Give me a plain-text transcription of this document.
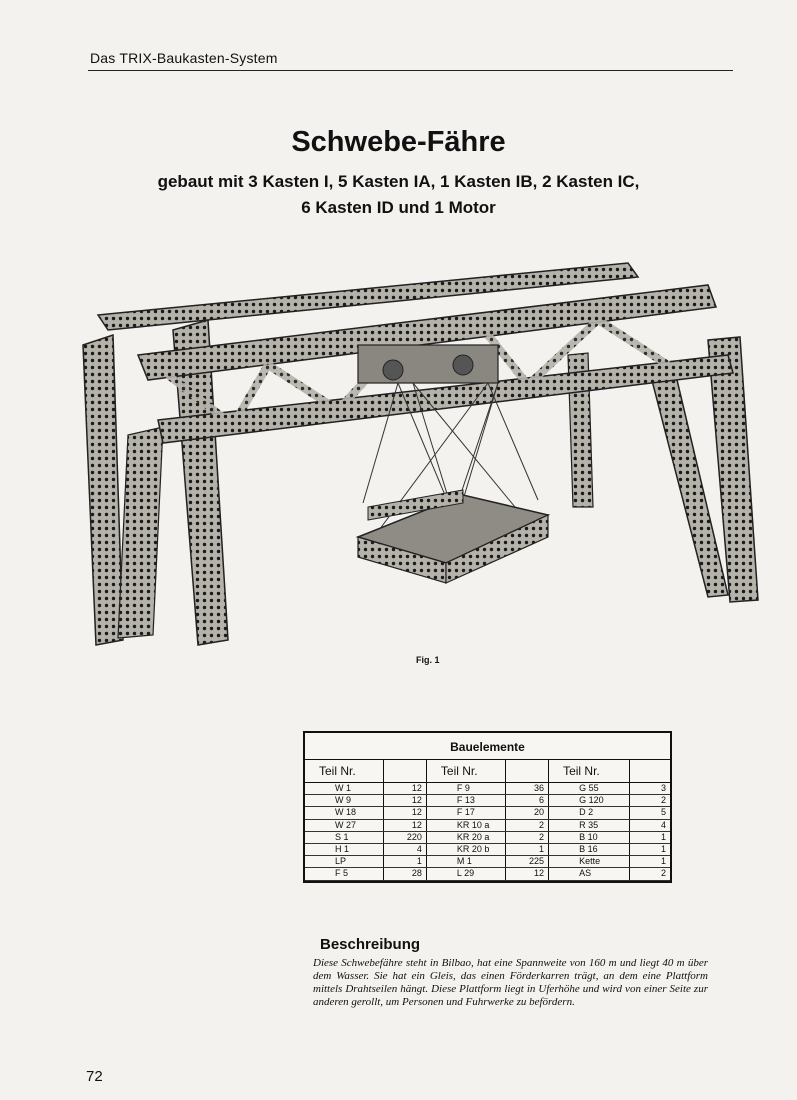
Das TRIX-Baukasten-System
Schwebe-Fähre
gebaut mit 3 Kasten I, 5 Kasten IA, 1 Kasten IB, 2 Kasten IC,
6 Kasten ID und 1 Motor
Fig. 1
Bauelemente
Teil Nr.		Teil Nr.		Teil Nr.	
W 1	12	F 9	36	G 55	3
W 9	12	F 13	6	G 120	2
W 18	12	F 17	20	D 2	5
W 27	12	KR 10 a	2	R 35	4
S 1	220	KR 20 a	2	B 10	1
H 1	4	KR 20 b	1	B 16	1
LP	1	M 1	225	Kette	1
F 5	28	L 29	12	AS	2
Beschreibung
Diese Schwebefähre steht in Bilbao, hat eine Spannweite von 160 m und liegt 40 m über dem Wasser. Sie hat ein Gleis, das einen Förderkarren trägt, an dem eine Plattform mittels Drahtseilen hängt. Diese Plattform liegt in Uferhöhe und wird von einer Seite zur anderen gerollt, um Personen und Fuhrwerke zu befördern.
72
